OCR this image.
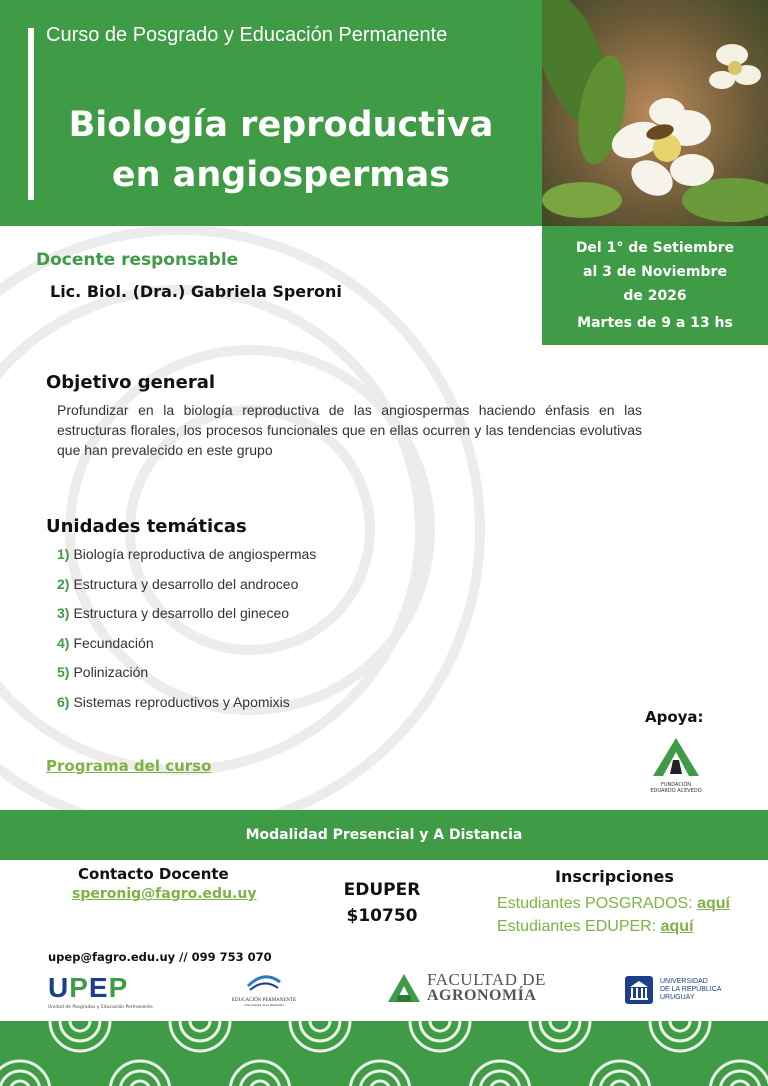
Curso de Posgrado y Educación Permanente
Biología reproductiva
en angiospermas
Del 1° de Setiembre
al 3 de Noviembre
de 2026
Martes de 9 a 13 hs
Docente responsable
Lic. Biol. (Dra.) Gabriela Speroni
Objetivo general
Profundizar en la biología reproductiva de las angiospermas haciendo énfasis en las estructuras florales, los procesos funcionales que en ellas ocurren y las tendencias evolutivas que han prevalecido en este grupo
Unidades temáticas
1) Biología reproductiva de angiospermas
2) Estructura y desarrollo del androceo
3) Estructura y desarrollo del gineceo
4) Fecundación
5) Polinización
6) Sistemas reproductivos y Apomixis
Programa del curso
Apoya:
FUNDACIÓN
EDUARDO ACEVEDO
Modalidad Presencial y A Distancia
Contacto Docente
speronig@fagro.edu.uy	EDUPER
$10750
Inscripciones
Estudiantes POSGRADOS: aquí
Estudiantes EDUPER: aquí
upep@fagro.edu.uy // 099 753 070
UPEP
Unidad de Posgrados y Educación Permanente
EDUCACIÓN PERMANENTE
Universidad de la República
FACULTAD DE
AGRONOMÍA
UNIVERSIDAD
DE LA REPÚBLICA
URUGUAY
